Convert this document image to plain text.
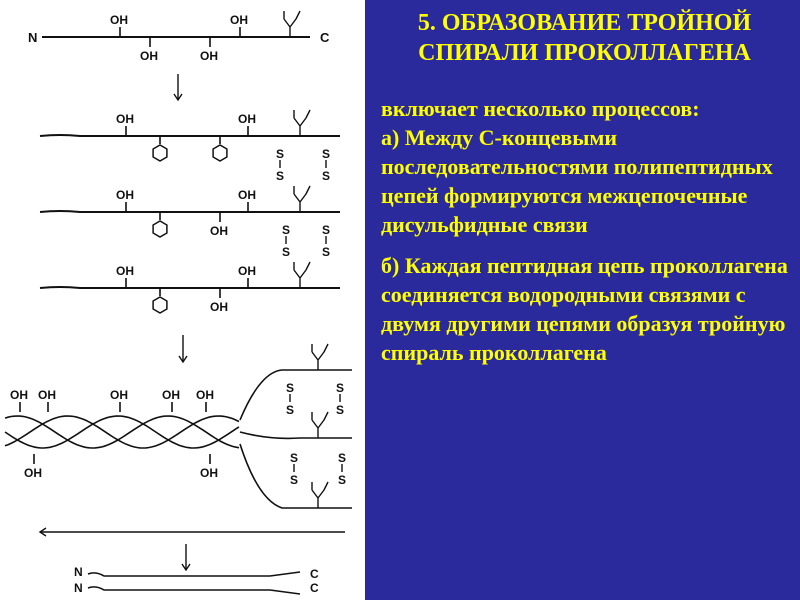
N	C
OH	OH
OH	OH
OH	OH
OH	OH
OH
OH	OH
OH
S
S
S
S
S
S
S
S
OH OH	OH	OH OH
OH	OH
S
S
S
S
S
S
S
S
N
N
C
C
5. ОБРАЗОВАНИЕ ТРОЙНОЙ
СПИРАЛИ ПРОКОЛЛАГЕНА

включает несколько процессов:

а) Между С-концевыми последовательностями полипептидных цепей формируются межцепочечные дисульфидные связи

б) Каждая пептидная цепь проколлагена соединяется водородными связями с двумя другими цепями образуя тройную спираль проколлагена
